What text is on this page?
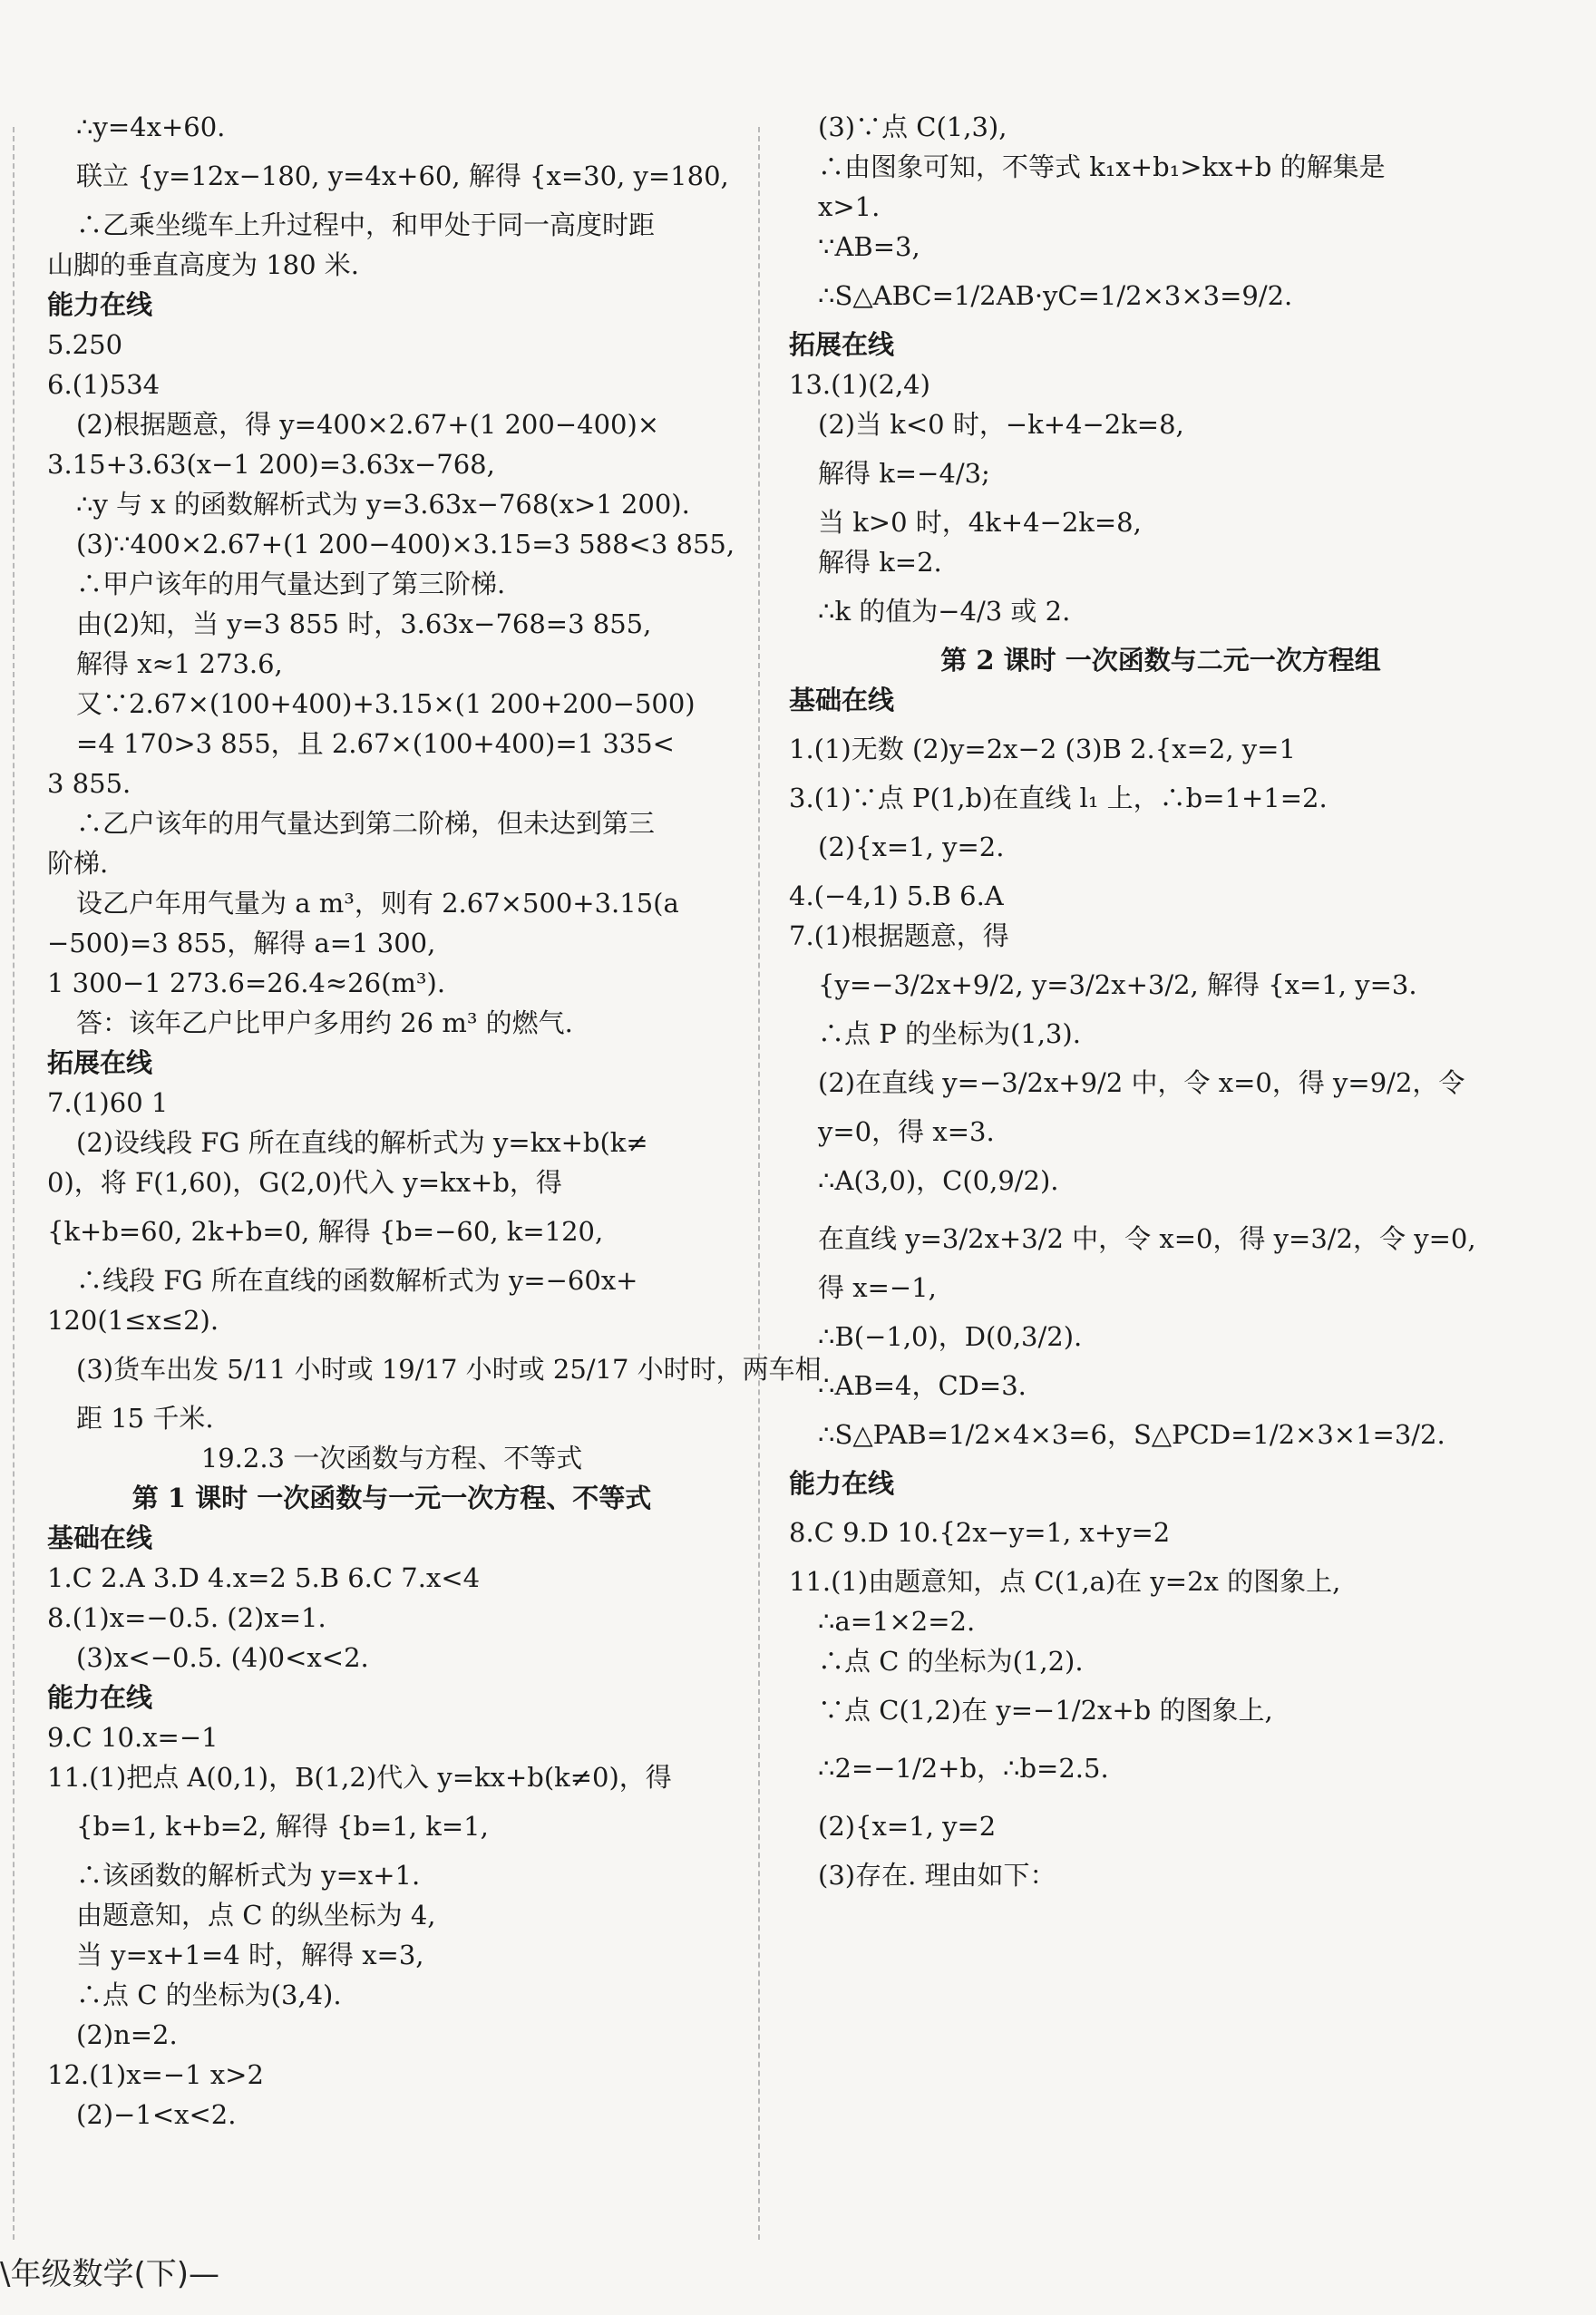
∴y=4x+60.
联立 {y=12x−180, y=4x+60, 解得 {x=30, y=180,
∴乙乘坐缆车上升过程中，和甲处于同一高度时距
山脚的垂直高度为 180 米.
能力在线
5.250
6.(1)534
(2)根据题意，得 y=400×2.67+(1 200−400)×
3.15+3.63(x−1 200)=3.63x−768,
∴y 与 x 的函数解析式为 y=3.63x−768(x>1 200).
(3)∵400×2.67+(1 200−400)×3.15=3 588<3 855,
∴甲户该年的用气量达到了第三阶梯.
由(2)知，当 y=3 855 时，3.63x−768=3 855,
解得 x≈1 273.6,
又∵2.67×(100+400)+3.15×(1 200+200−500)
=4 170>3 855，且 2.67×(100+400)=1 335<
3 855.
∴乙户该年的用气量达到第二阶梯，但未达到第三
阶梯.
设乙户年用气量为 a m³，则有 2.67×500+3.15(a
−500)=3 855，解得 a=1 300,
1 300−1 273.6=26.4≈26(m³).
答：该年乙户比甲户多用约 26 m³ 的燃气.
拓展在线
7.(1)60 1
(2)设线段 FG 所在直线的解析式为 y=kx+b(k≠
0)，将 F(1,60)，G(2,0)代入 y=kx+b，得
{k+b=60, 2k+b=0, 解得 {b=−60, k=120,
∴线段 FG 所在直线的函数解析式为 y=−60x+
120(1≤x≤2).
(3)货车出发 5/11 小时或 19/17 小时或 25/17 小时时，两车相
距 15 千米.
19.2.3 一次函数与方程、不等式
第 1 课时 一次函数与一元一次方程、不等式
基础在线
1.C 2.A 3.D 4.x=2 5.B 6.C 7.x<4
8.(1)x=−0.5. (2)x=1.
(3)x<−0.5. (4)0<x<2.
能力在线
9.C 10.x=−1
11.(1)把点 A(0,1)，B(1,2)代入 y=kx+b(k≠0)，得
{b=1, k+b=2, 解得 {b=1, k=1,
∴该函数的解析式为 y=x+1.
由题意知，点 C 的纵坐标为 4,
当 y=x+1=4 时，解得 x=3,
∴点 C 的坐标为(3,4).
(2)n=2.
12.(1)x=−1 x>2
(2)−1<x<2.
(3)∵点 C(1,3),
∴由图象可知，不等式 k₁x+b₁>kx+b 的解集是
x>1.
∵AB=3,
∴S△ABC=1/2AB·yC=1/2×3×3=9/2.
拓展在线
13.(1)(2,4)
(2)当 k<0 时，−k+4−2k=8,
解得 k=−4/3;
当 k>0 时，4k+4−2k=8,
解得 k=2.
∴k 的值为−4/3 或 2.
第 2 课时 一次函数与二元一次方程组
基础在线
1.(1)无数 (2)y=2x−2 (3)B 2.{x=2, y=1
3.(1)∵点 P(1,b)在直线 l₁ 上，∴b=1+1=2.
(2){x=1, y=2.
4.(−4,1) 5.B 6.A
7.(1)根据题意，得
{y=−3/2x+9/2, y=3/2x+3/2, 解得 {x=1, y=3.
∴点 P 的坐标为(1,3).
(2)在直线 y=−3/2x+9/2 中，令 x=0，得 y=9/2，令
y=0，得 x=3.
∴A(3,0)，C(0,9/2).
在直线 y=3/2x+3/2 中，令 x=0，得 y=3/2，令 y=0,
得 x=−1,
∴B(−1,0)，D(0,3/2).
∴AB=4，CD=3.
∴S△PAB=1/2×4×3=6，S△PCD=1/2×3×1=3/2.
能力在线
8.C 9.D 10.{2x−y=1, x+y=2
11.(1)由题意知，点 C(1,a)在 y=2x 的图象上,
∴a=1×2=2.
∴点 C 的坐标为(1,2).
∵点 C(1,2)在 y=−1/2x+b 的图象上,
∴2=−1/2+b，∴b=2.5.
(2){x=1, y=2
(3)存在. 理由如下：
\年级数学(下)—
